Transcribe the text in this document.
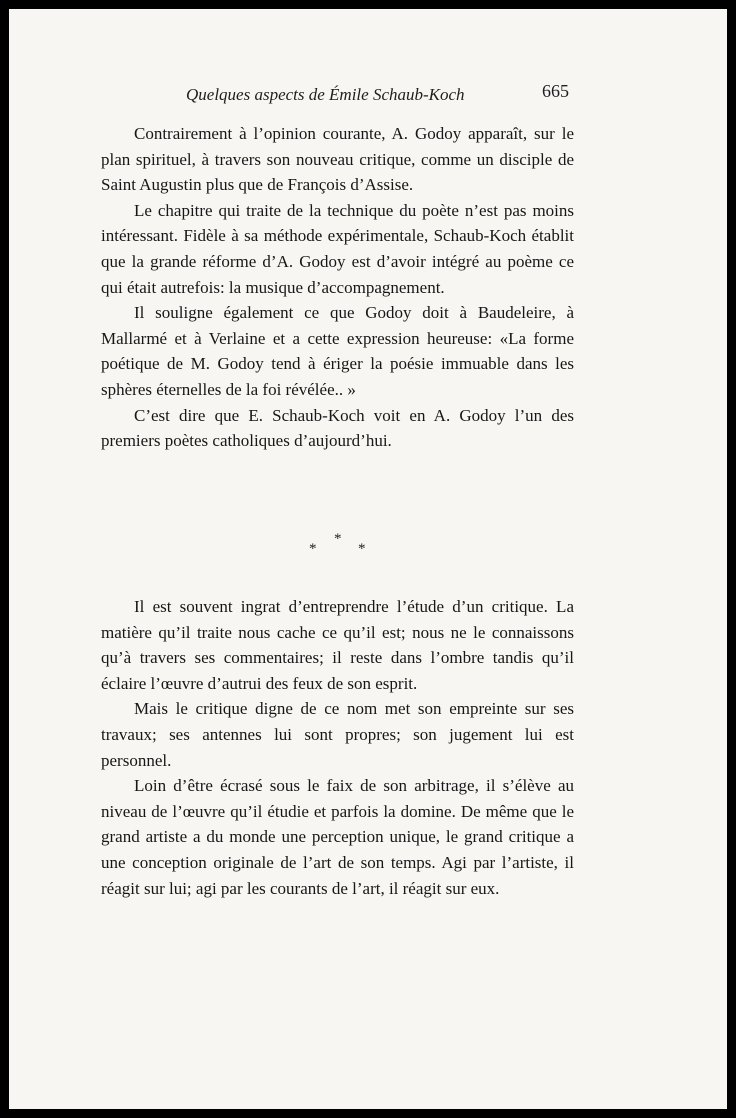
Quelques aspects de Émile Schaub-Koch	665

Contrairement à l’opinion courante, A. Godoy apparaît, sur le plan spirituel, à travers son nouveau critique, comme un disciple de Saint Augustin plus que de François d’Assise.

Le chapitre qui traite de la technique du poète n’est pas moins intéressant. Fidèle à sa méthode expérimentale, Schaub-Koch établit que la grande réforme d’A. Godoy est d’avoir intégré au poème ce qui était autrefois: la musique d’accompagnement.

Il souligne également ce que Godoy doit à Baudeleire, à Mallarmé et à Verlaine et a cette expression heureuse: «La forme poétique de M. Godoy tend à ériger la poésie immuable dans les sphères éternelles de la foi révélée.. »

C’est dire que E. Schaub-Koch voit en A. Godoy l’un des premiers poètes catholiques d’aujourd’hui.

*
*	*

Il est souvent ingrat d’entreprendre l’étude d’un critique. La matière qu’il traite nous cache ce qu’il est; nous ne le connaissons qu’à travers ses commentaires; il reste dans l’ombre tandis qu’il éclaire l’œuvre d’autrui des feux de son esprit.

Mais le critique digne de ce nom met son empreinte sur ses travaux; ses antennes lui sont propres; son jugement lui est personnel.

Loin d’être écrasé sous le faix de son arbitrage, il s’élève au niveau de l’œuvre qu’il étudie et parfois la domine. De même que le grand artiste a du monde une perception unique, le grand critique a une conception originale de l’art de son temps. Agi par l’artiste, il réagit sur lui; agi par les courants de l’art, il réagit sur eux.
